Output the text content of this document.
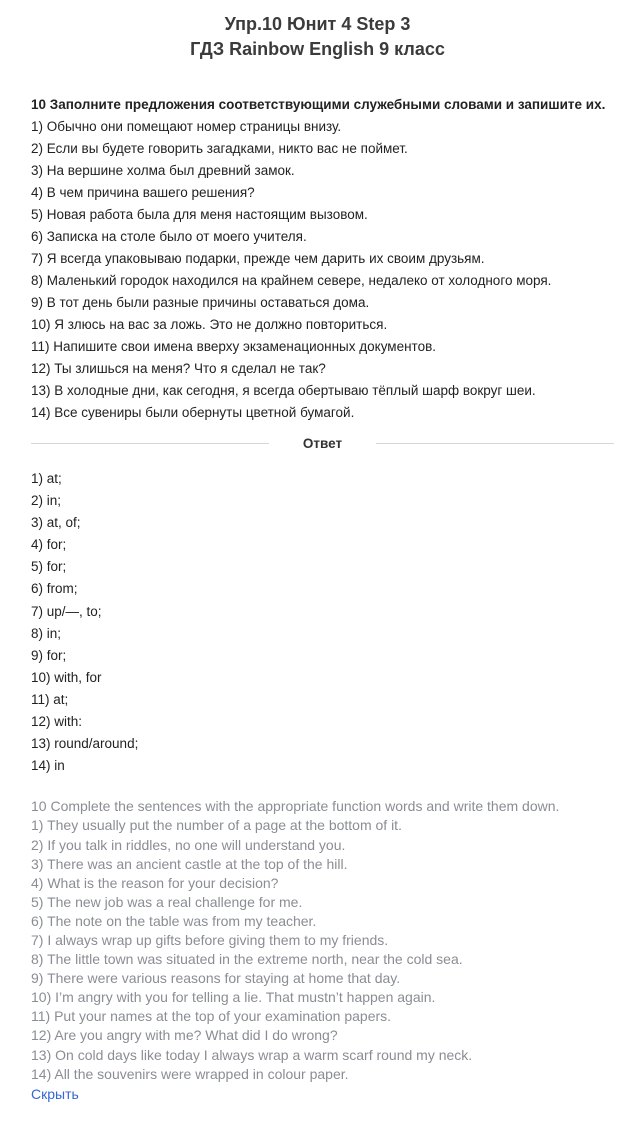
Упр.10 Юнит 4 Step 3
ГДЗ Rainbow English 9 класс
10 Заполните предложения соответствующими служебными словами и запишите их.
1) Обычно они помещают номер страницы внизу.
2) Если вы будете говорить загадками, никто вас не поймет.
3) На вершине холма был древний замок.
4) В чем причина вашего решения?
5) Новая работа была для меня настоящим вызовом.
6) Записка на столе было от моего учителя.
7) Я всегда упаковываю подарки, прежде чем дарить их своим друзьям.
8) Маленький городок находился на крайнем севере, недалеко от холодного моря.
9) В тот день были разные причины оставаться дома.
10) Я злюсь на вас за ложь. Это не должно повториться.
11) Напишите свои имена вверху экзаменационных документов.
12) Ты злишься на меня? Что я сделал не так?
13) В холодные дни, как сегодня, я всегда обертываю тёплый шарф вокруг шеи.
14) Все сувениры были обернуты цветной бумагой.
Ответ
1) at;
2) in;
3) at, of;
4) for;
5) for;
6) from;
7) up/—, to;
8) in;
9) for;
10) with, for
11) at;
12) with:
13) round/around;
14) in
10 Complete the sentences with the appropriate function words and write them down.
1) They usually put the number of a page at the bottom of it.
2) If you talk in riddles, no one will understand you.
3) There was an ancient castle at the top of the hill.
4) What is the reason for your decision?
5) The new job was a real challenge for me.
6) The note on the table was from my teacher.
7) I always wrap up gifts before giving them to my friends.
8) The little town was situated in the extreme north, near the cold sea.
9) There were various reasons for staying at home that day.
10) I’m angry with you for telling a lie. That mustn’t happen again.
11) Put your names at the top of your examination papers.
12) Are you angry with me? What did I do wrong?
13) On cold days like today I always wrap a warm scarf round my neck.
14) All the souvenirs were wrapped in colour paper.
Скрыть
